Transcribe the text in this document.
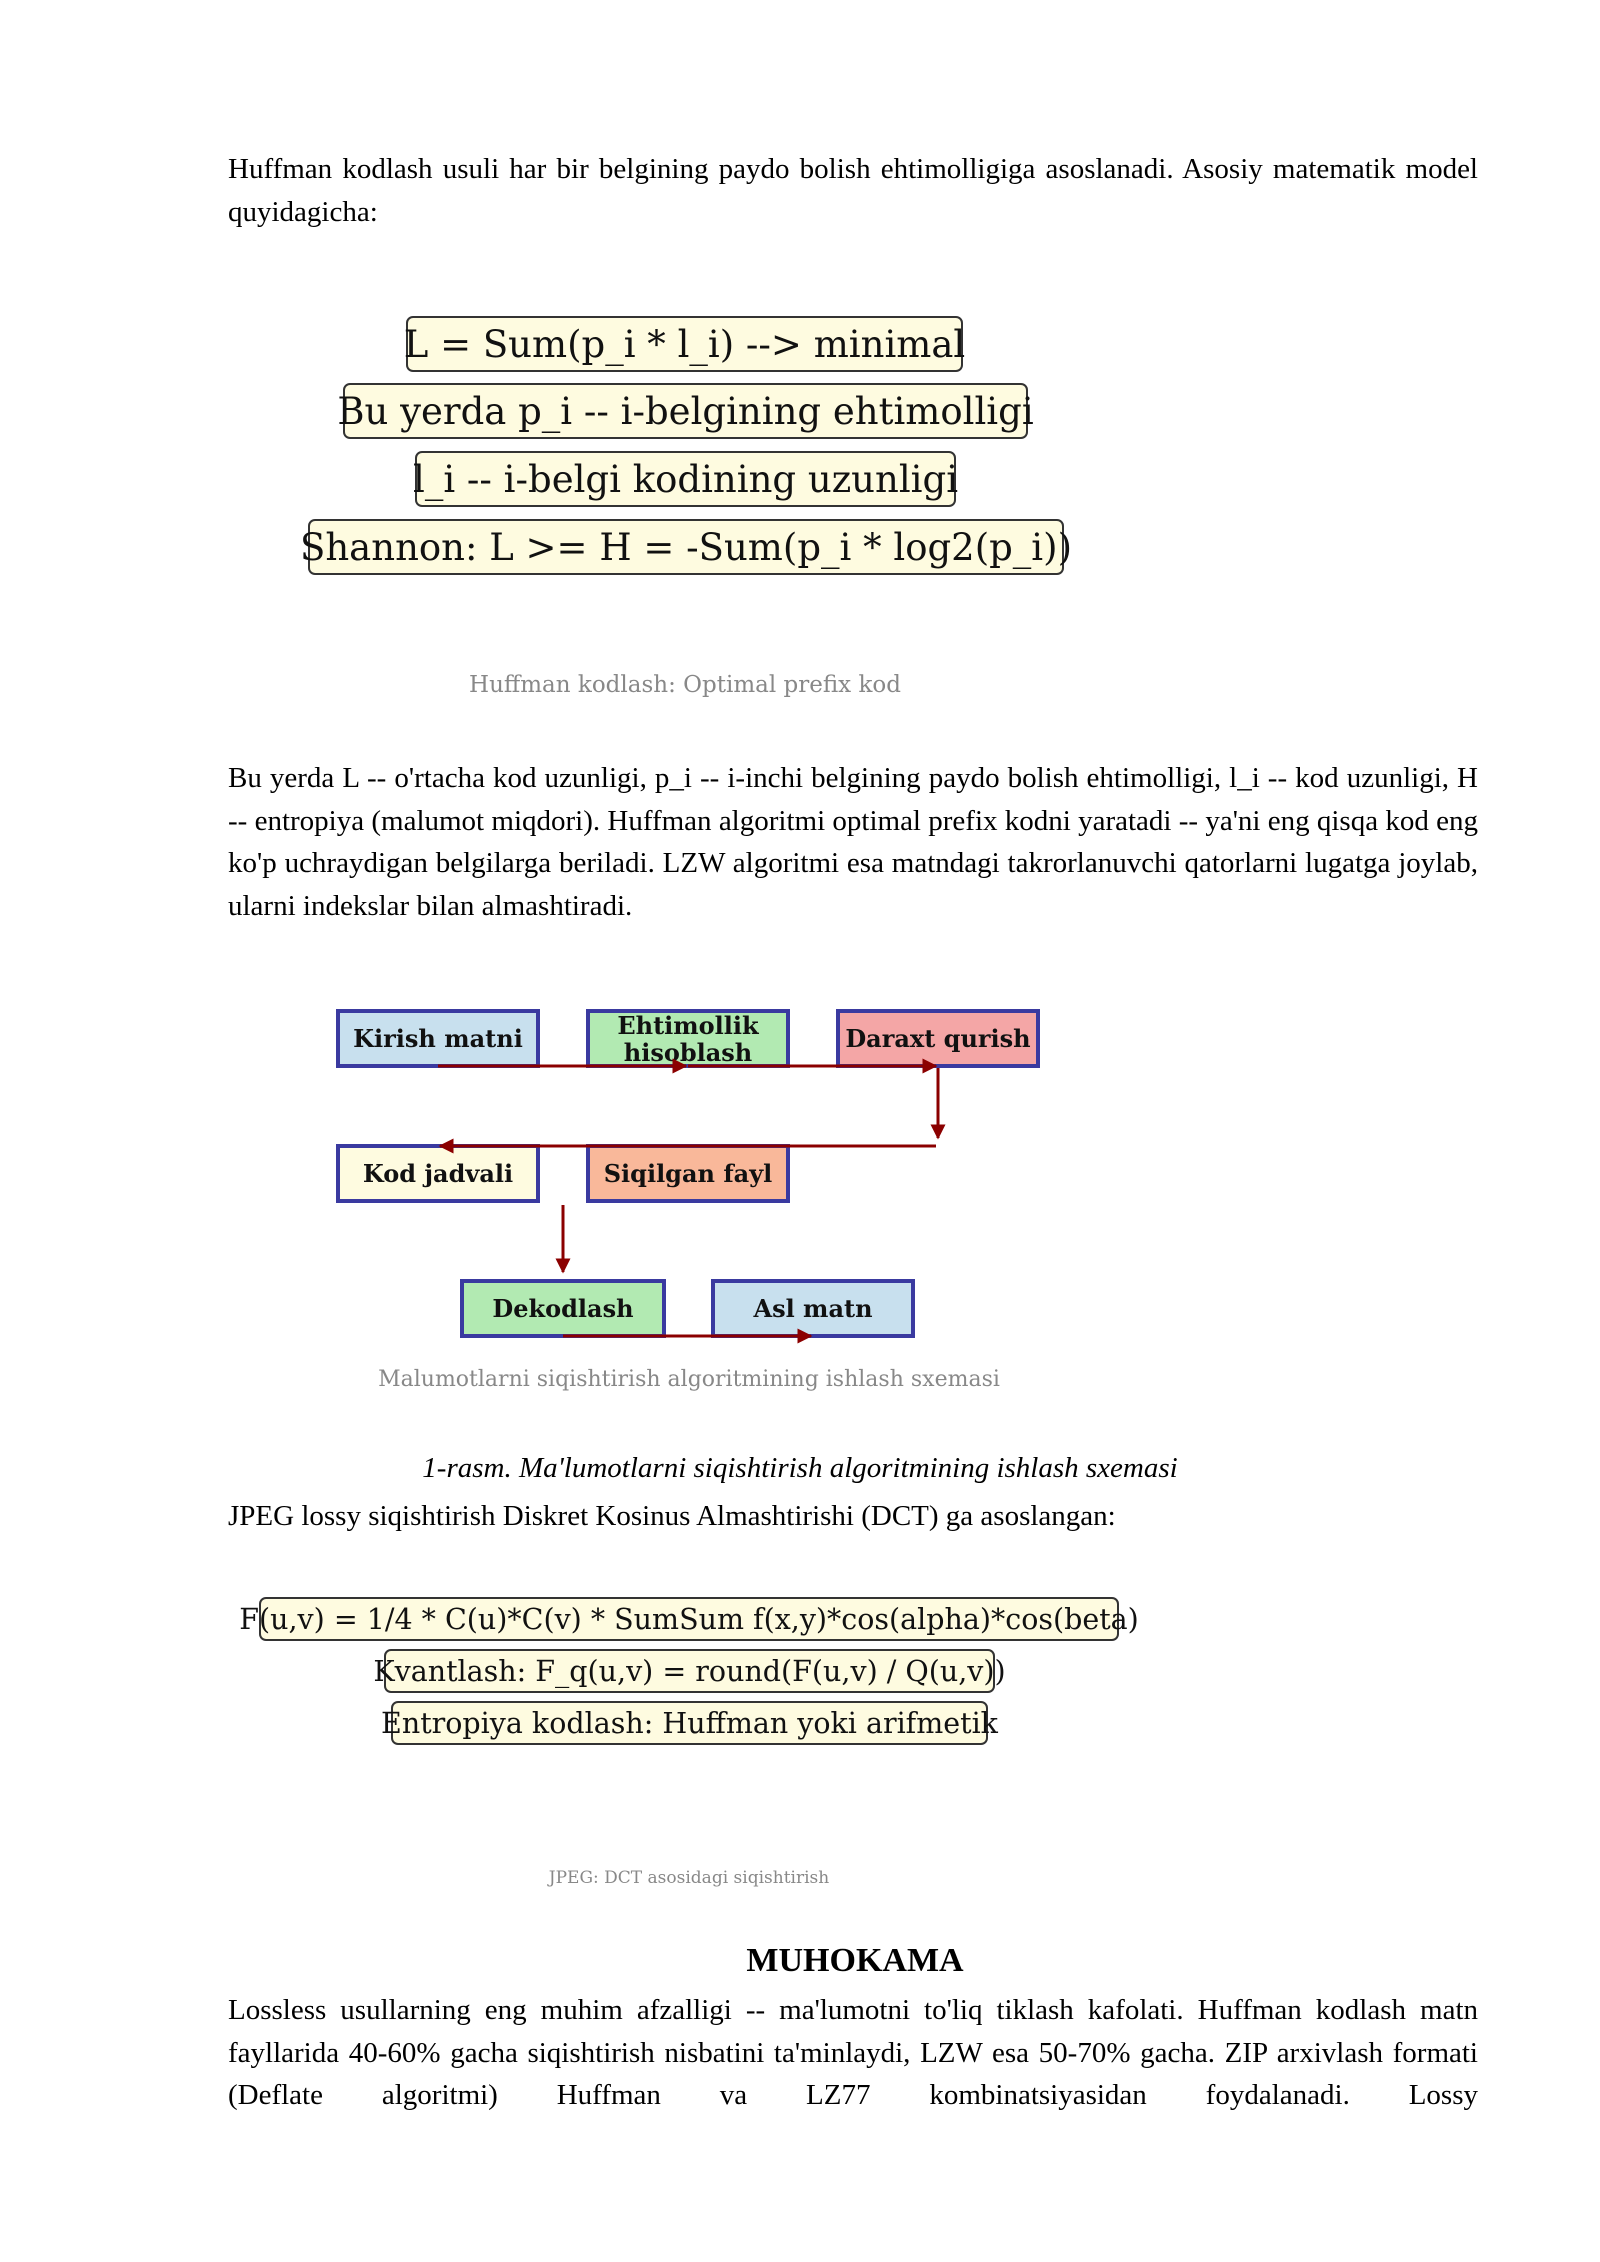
Huffman kodlash usuli har bir belgining paydo bolish ehtimolligiga asoslanadi. Asosiy matematik model quyidagicha:

L = Sum(p_i * l_i) --> minimal
Bu yerda p_i -- i-belgining ehtimolligi
l_i -- i-belgi kodining uzunligi
Shannon: L >= H = -Sum(p_i * log2(p_i))
Huffman kodlash: Optimal prefix kod

Bu yerda L -- o'rtacha kod uzunligi, p_i -- i-inchi belgining paydo bolish ehtimolligi, l_i -- kod uzunligi, H -- entropiya (malumot miqdori). Huffman algoritmi optimal prefix kodni yaratadi -- ya'ni eng qisqa kod eng ko'p uchraydigan belgilarga beriladi. LZW algoritmi esa matndagi takrorlanuvchi qatorlarni lugatga joylab, ularni indekslar bilan almashtiradi.

Kirish matni	Ehtimollik hisoblash	Daraxt qurish
Kod jadvali	Siqilgan fayl
Dekodlash	Asl matn
Malumotlarni siqishtirish algoritmining ishlash sxemasi
1-rasm. Ma'lumotlarni siqishtirish algoritmining ishlash sxemasi

JPEG lossy siqishtirish Diskret Kosinus Almashtirishi (DCT) ga asoslangan:

F(u,v) = 1/4 * C(u)*C(v) * SumSum f(x,y)*cos(alpha)*cos(beta)
Kvantlash: F_q(u,v) = round(F(u,v) / Q(u,v))
Entropiya kodlash: Huffman yoki arifmetik
JPEG: DCT asosidagi siqishtirish
MUHOKAMA

Lossless usullarning eng muhim afzalligi -- ma'lumotni to'liq tiklash kafolati. Huffman kodlash matn fayllarida 40-60% gacha siqishtirish nisbatini ta'minlaydi, LZW esa 50-70% gacha. ZIP arxivlash formati (Deflate algoritmi) Huffman va LZ77 kombinatsiyasidan foydalanadi. Lossy
